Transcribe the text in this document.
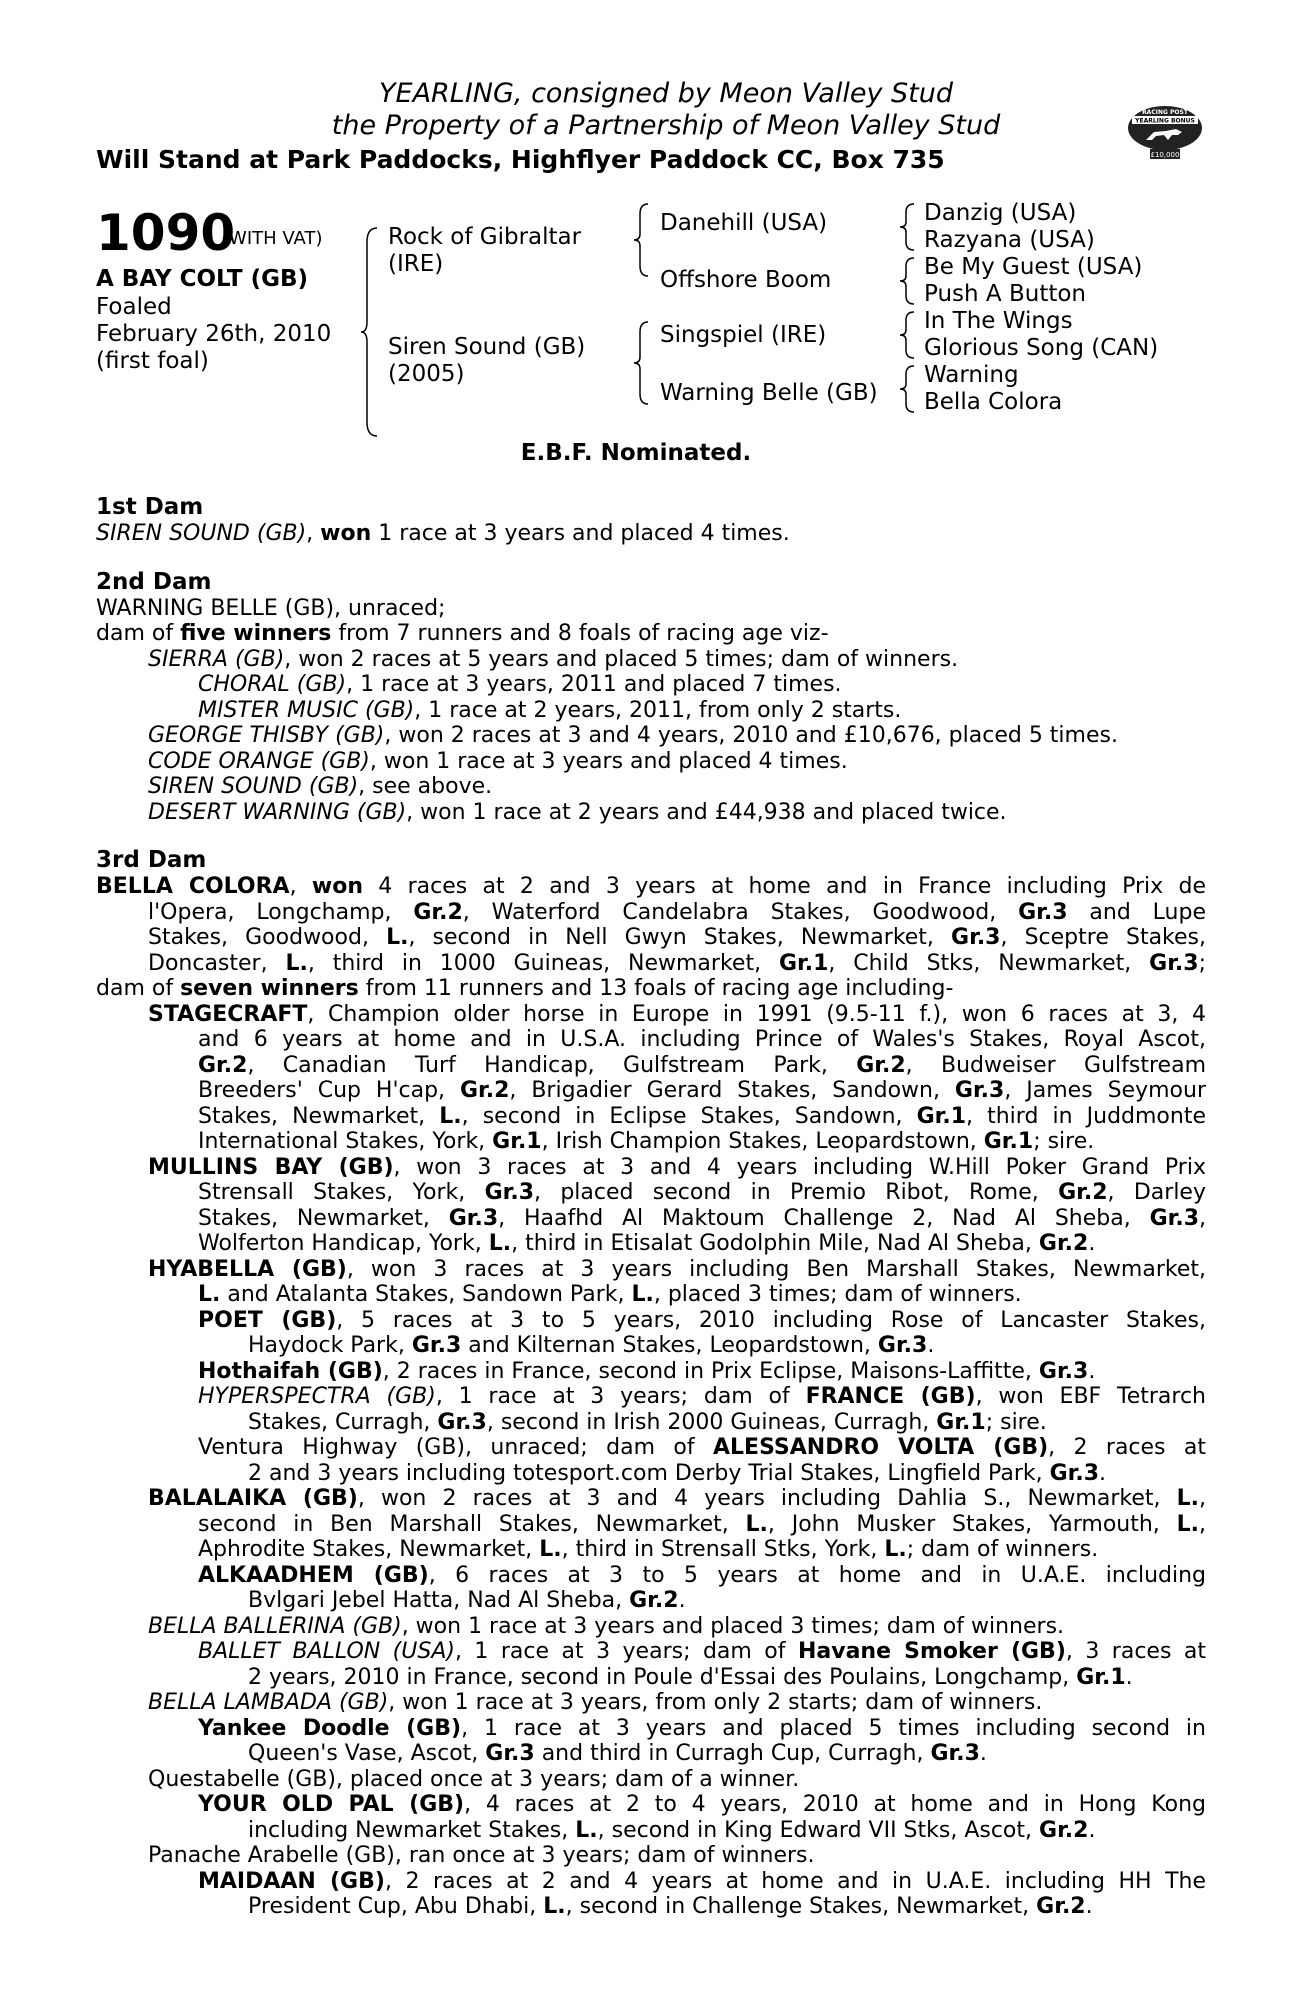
YEARLING, consigned by Meon Valley Stud
the Property of a Partnership of Meon Valley Stud
Will Stand at Park Paddocks, Highflyer Paddock CC, Box 735
RACING POST
YEARLING BONUS
£10,000
1090
(WITH VAT)
A BAY COLT (GB)
Foaled
February 26th, 2010
(first foal)
Rock of Gibraltar
(IRE)
Siren Sound (GB)
(2005)
Danehill (USA)
Offshore Boom
Singspiel (IRE)
Warning Belle (GB)
Danzig (USA)
Razyana (USA)
Be My Guest (USA)
Push A Button
In The Wings
Glorious Song (CAN)
Warning
Bella Colora
E.B.F. Nominated.
1st Dam
SIREN SOUND (GB), won 1 race at 3 years and placed 4 times.
2nd Dam
WARNING BELLE (GB), unraced;
dam of five winners from 7 runners and 8 foals of racing age viz-
SIERRA (GB), won 2 races at 5 years and placed 5 times; dam of winners.
CHORAL (GB), 1 race at 3 years, 2011 and placed 7 times.
MISTER MUSIC (GB), 1 race at 2 years, 2011, from only 2 starts.
GEORGE THISBY (GB), won 2 races at 3 and 4 years, 2010 and £10,676, placed 5 times.
CODE ORANGE (GB), won 1 race at 3 years and placed 4 times.
SIREN SOUND (GB), see above.
DESERT WARNING (GB), won 1 race at 2 years and £44,938 and placed twice.
3rd Dam
BELLA COLORA, won 4 races at 2 and 3 years at home and in France including Prix de
l'Opera, Longchamp, Gr.2, Waterford Candelabra Stakes, Goodwood, Gr.3 and Lupe
Stakes, Goodwood, L., second in Nell Gwyn Stakes, Newmarket, Gr.3, Sceptre Stakes,
Doncaster, L., third in 1000 Guineas, Newmarket, Gr.1, Child Stks, Newmarket, Gr.3;
dam of seven winners from 11 runners and 13 foals of racing age including-
STAGECRAFT, Champion older horse in Europe in 1991 (9.5-11 f.), won 6 races at 3, 4
and 6 years at home and in U.S.A. including Prince of Wales's Stakes, Royal Ascot,
Gr.2, Canadian Turf Handicap, Gulfstream Park, Gr.2, Budweiser Gulfstream
Breeders' Cup H'cap, Gr.2, Brigadier Gerard Stakes, Sandown, Gr.3, James Seymour
Stakes, Newmarket, L., second in Eclipse Stakes, Sandown, Gr.1, third in Juddmonte
International Stakes, York, Gr.1, Irish Champion Stakes, Leopardstown, Gr.1; sire.
MULLINS BAY (GB), won 3 races at 3 and 4 years including W.Hill Poker Grand Prix
Strensall Stakes, York, Gr.3, placed second in Premio Ribot, Rome, Gr.2, Darley
Stakes, Newmarket, Gr.3, Haafhd Al Maktoum Challenge 2, Nad Al Sheba, Gr.3,
Wolferton Handicap, York, L., third in Etisalat Godolphin Mile, Nad Al Sheba, Gr.2.
HYABELLA (GB), won 3 races at 3 years including Ben Marshall Stakes, Newmarket,
L. and Atalanta Stakes, Sandown Park, L., placed 3 times; dam of winners.
POET (GB), 5 races at 3 to 5 years, 2010 including Rose of Lancaster Stakes,
Haydock Park, Gr.3 and Kilternan Stakes, Leopardstown, Gr.3.
Hothaifah (GB), 2 races in France, second in Prix Eclipse, Maisons-Laffitte, Gr.3.
HYPERSPECTRA (GB), 1 race at 3 years; dam of FRANCE (GB), won EBF Tetrarch
Stakes, Curragh, Gr.3, second in Irish 2000 Guineas, Curragh, Gr.1; sire.
Ventura Highway (GB), unraced; dam of ALESSANDRO VOLTA (GB), 2 races at
2 and 3 years including totesport.com Derby Trial Stakes, Lingfield Park, Gr.3.
BALALAIKA (GB), won 2 races at 3 and 4 years including Dahlia S., Newmarket, L.,
second in Ben Marshall Stakes, Newmarket, L., John Musker Stakes, Yarmouth, L.,
Aphrodite Stakes, Newmarket, L., third in Strensall Stks, York, L.; dam of winners.
ALKAADHEM (GB), 6 races at 3 to 5 years at home and in U.A.E. including
Bvlgari Jebel Hatta, Nad Al Sheba, Gr.2.
BELLA BALLERINA (GB), won 1 race at 3 years and placed 3 times; dam of winners.
BALLET BALLON (USA), 1 race at 3 years; dam of Havane Smoker (GB), 3 races at
2 years, 2010 in France, second in Poule d'Essai des Poulains, Longchamp, Gr.1.
BELLA LAMBADA (GB), won 1 race at 3 years, from only 2 starts; dam of winners.
Yankee Doodle (GB), 1 race at 3 years and placed 5 times including second in
Queen's Vase, Ascot, Gr.3 and third in Curragh Cup, Curragh, Gr.3.
Questabelle (GB), placed once at 3 years; dam of a winner.
YOUR OLD PAL (GB), 4 races at 2 to 4 years, 2010 at home and in Hong Kong
including Newmarket Stakes, L., second in King Edward VII Stks, Ascot, Gr.2.
Panache Arabelle (GB), ran once at 3 years; dam of winners.
MAIDAAN (GB), 2 races at 2 and 4 years at home and in U.A.E. including HH The
President Cup, Abu Dhabi, L., second in Challenge Stakes, Newmarket, Gr.2.
